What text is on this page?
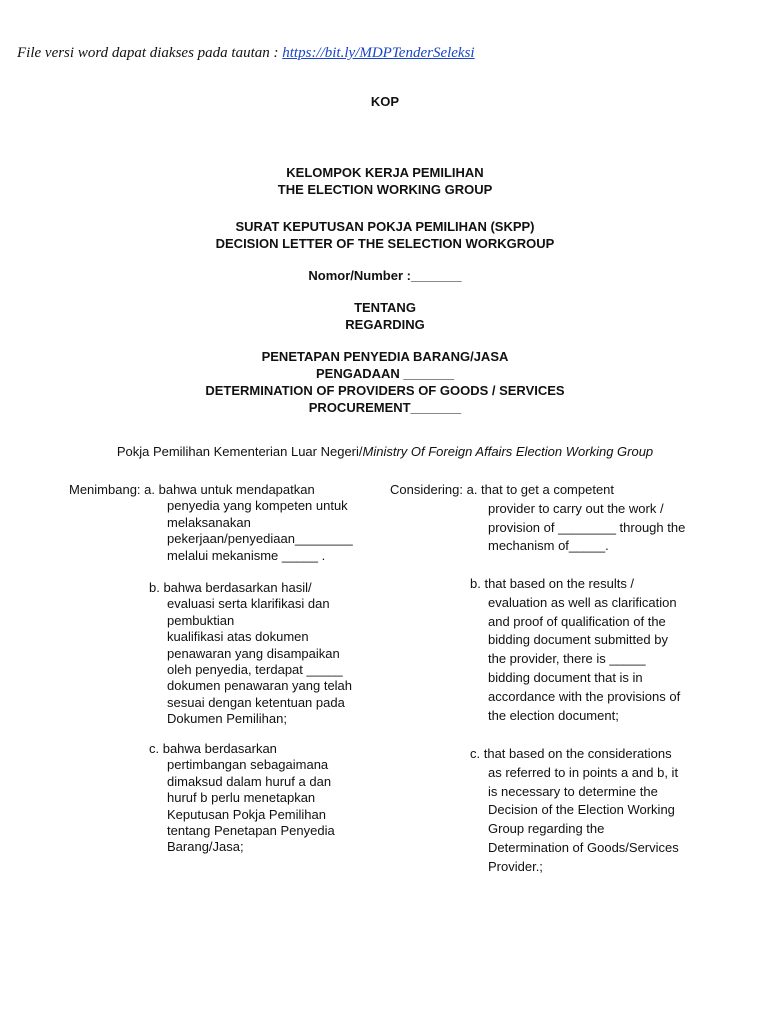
File versi word dapat diakses pada tautan : https://bit.ly/MDPTenderSeleksi
KOP
KELOMPOK KERJA PEMILIHAN
THE ELECTION WORKING GROUP
SURAT KEPUTUSAN POKJA PEMILIHAN (SKPP)
DECISION LETTER OF THE SELECTION WORKGROUP
Nomor/Number :_______
TENTANG
REGARDING
PENETAPAN PENYEDIA BARANG/JASA
PENGADAAN _______
DETERMINATION OF PROVIDERS OF GOODS / SERVICES
PROCUREMENT_______
Pokja Pemilihan Kementerian Luar Negeri/Ministry Of Foreign Affairs Election Working Group
Menimbang: a. bahwa untuk mendapatkan
penyedia yang kompeten untuk
melaksanakan
pekerjaan/penyediaan________
melalui mekanisme _____ .
b. bahwa berdasarkan hasil/
evaluasi serta klarifikasi dan
pembuktian
kualifikasi atas dokumen
penawaran yang disampaikan
oleh penyedia, terdapat _____
dokumen penawaran yang telah
sesuai dengan ketentuan pada
Dokumen Pemilihan;
c. bahwa berdasarkan
pertimbangan sebagaimana
dimaksud dalam huruf a dan
huruf b perlu menetapkan
Keputusan Pokja Pemilihan
tentang Penetapan Penyedia
Barang/Jasa;
Considering: a. that to get a competent
provider to carry out the work /
provision of ________ through the
mechanism of_____.
b. that based on the results /
evaluation as well as clarification
and proof of qualification of the
bidding document submitted by
the provider, there is _____
bidding document that is in
accordance with the provisions of
the election document;
c. that based on the considerations
as referred to in points a and b, it
is necessary to determine the
Decision of the Election Working
Group regarding the
Determination of Goods/Services
Provider.;
